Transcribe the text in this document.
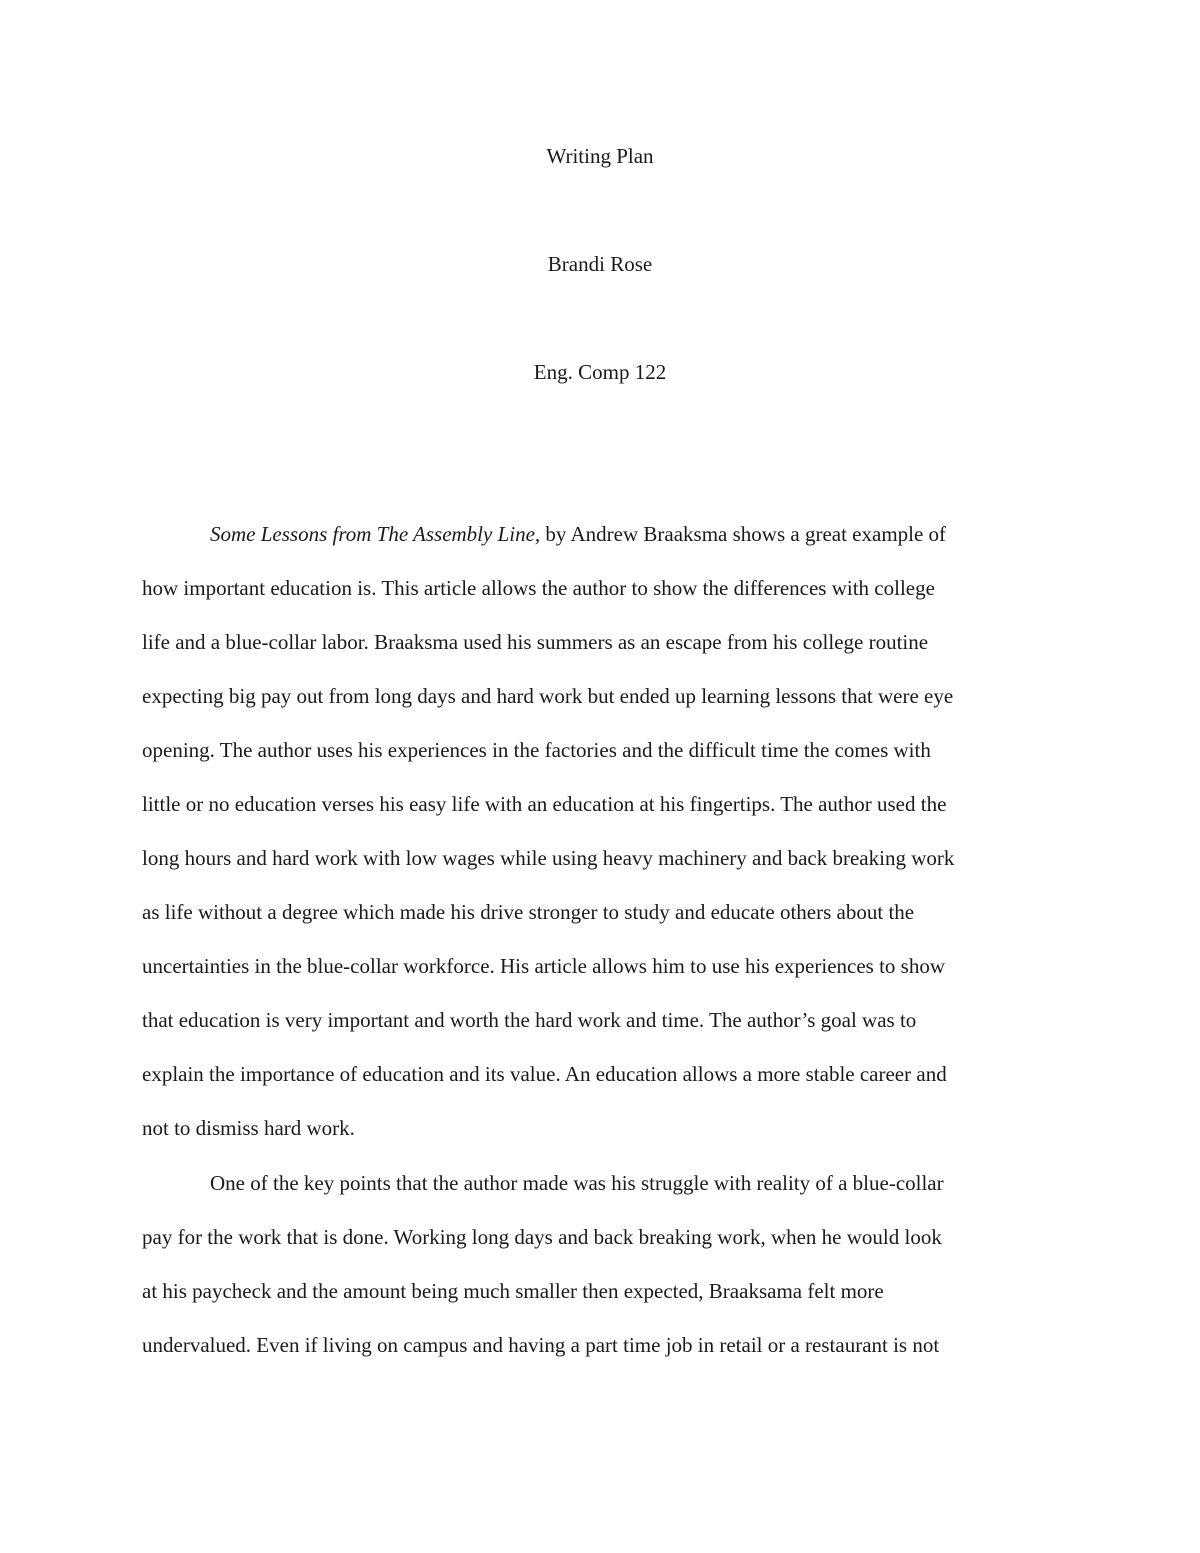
Writing Plan
Brandi Rose
Eng. Comp 122
Some Lessons from The Assembly Line, by Andrew Braaksma shows a great example of
how important education is. This article allows the author to show the differences with college
life and a blue-collar labor. Braaksma used his summers as an escape from his college routine
expecting big pay out from long days and hard work but ended up learning lessons that were eye
opening. The author uses his experiences in the factories and the difficult time the comes with
little or no education verses his easy life with an education at his fingertips. The author used the
long hours and hard work with low wages while using heavy machinery and back breaking work
as life without a degree which made his drive stronger to study and educate others about the
uncertainties in the blue-collar workforce. His article allows him to use his experiences to show
that education is very important and worth the hard work and time. The author’s goal was to
explain the importance of education and its value. An education allows a more stable career and
not to dismiss hard work.
One of the key points that the author made was his struggle with reality of a blue-collar
pay for the work that is done. Working long days and back breaking work, when he would look
at his paycheck and the amount being much smaller then expected, Braaksama felt more
undervalued. Even if living on campus and having a part time job in retail or a restaurant is not
